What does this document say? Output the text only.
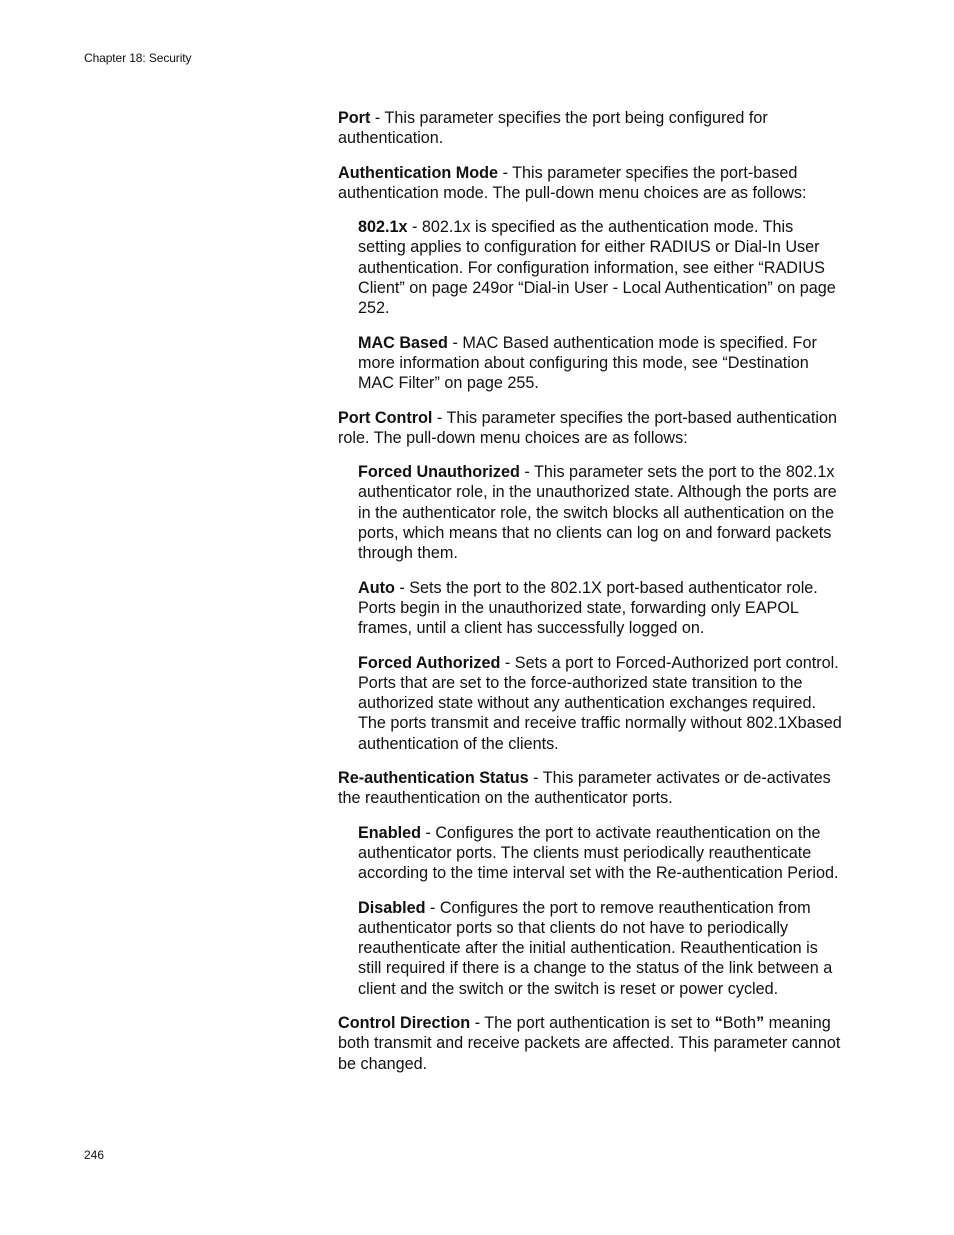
Chapter 18: Security

Port - This parameter specifies the port being configured for authentication.

Authentication Mode - This parameter specifies the port-based authentication mode. The pull-down menu choices are as follows:

802.1x - 802.1x is specified as the authentication mode. This setting applies to configuration for either RADIUS or Dial-In User authentication. For configuration information, see either “RADIUS Client” on page 249or “Dial-in User - Local Authentication” on page 252.

MAC Based - MAC Based authentication mode is specified. For more information about configuring this mode, see “Destination MAC Filter” on page 255.

Port Control - This parameter specifies the port-based authentication role. The pull-down menu choices are as follows:

Forced Unauthorized - This parameter sets the port to the 802.1x authenticator role, in the unauthorized state. Although the ports are in the authenticator role, the switch blocks all authentication on the ports, which means that no clients can log on and forward packets through them.

Auto - Sets the port to the 802.1X port-based authenticator role. Ports begin in the unauthorized state, forwarding only EAPOL frames, until a client has successfully logged on.

Forced Authorized - Sets a port to Forced-Authorized port control. Ports that are set to the force-authorized state transition to the authorized state without any authentication exchanges required. The ports transmit and receive traffic normally without 802.1Xbased authentication of the clients.

Re-authentication Status - This parameter activates or de-activates the reauthentication on the authenticator ports.

Enabled - Configures the port to activate reauthentication on the authenticator ports. The clients must periodically reauthenticate according to the time interval set with the Re-authentication Period.

Disabled - Configures the port to remove reauthentication from authenticator ports so that clients do not have to periodically reauthenticate after the initial authentication. Reauthentication is still required if there is a change to the status of the link between a client and the switch or the switch is reset or power cycled.

Control Direction - The port authentication is set to “Both” meaning both transmit and receive packets are affected. This parameter cannot be changed.

246
